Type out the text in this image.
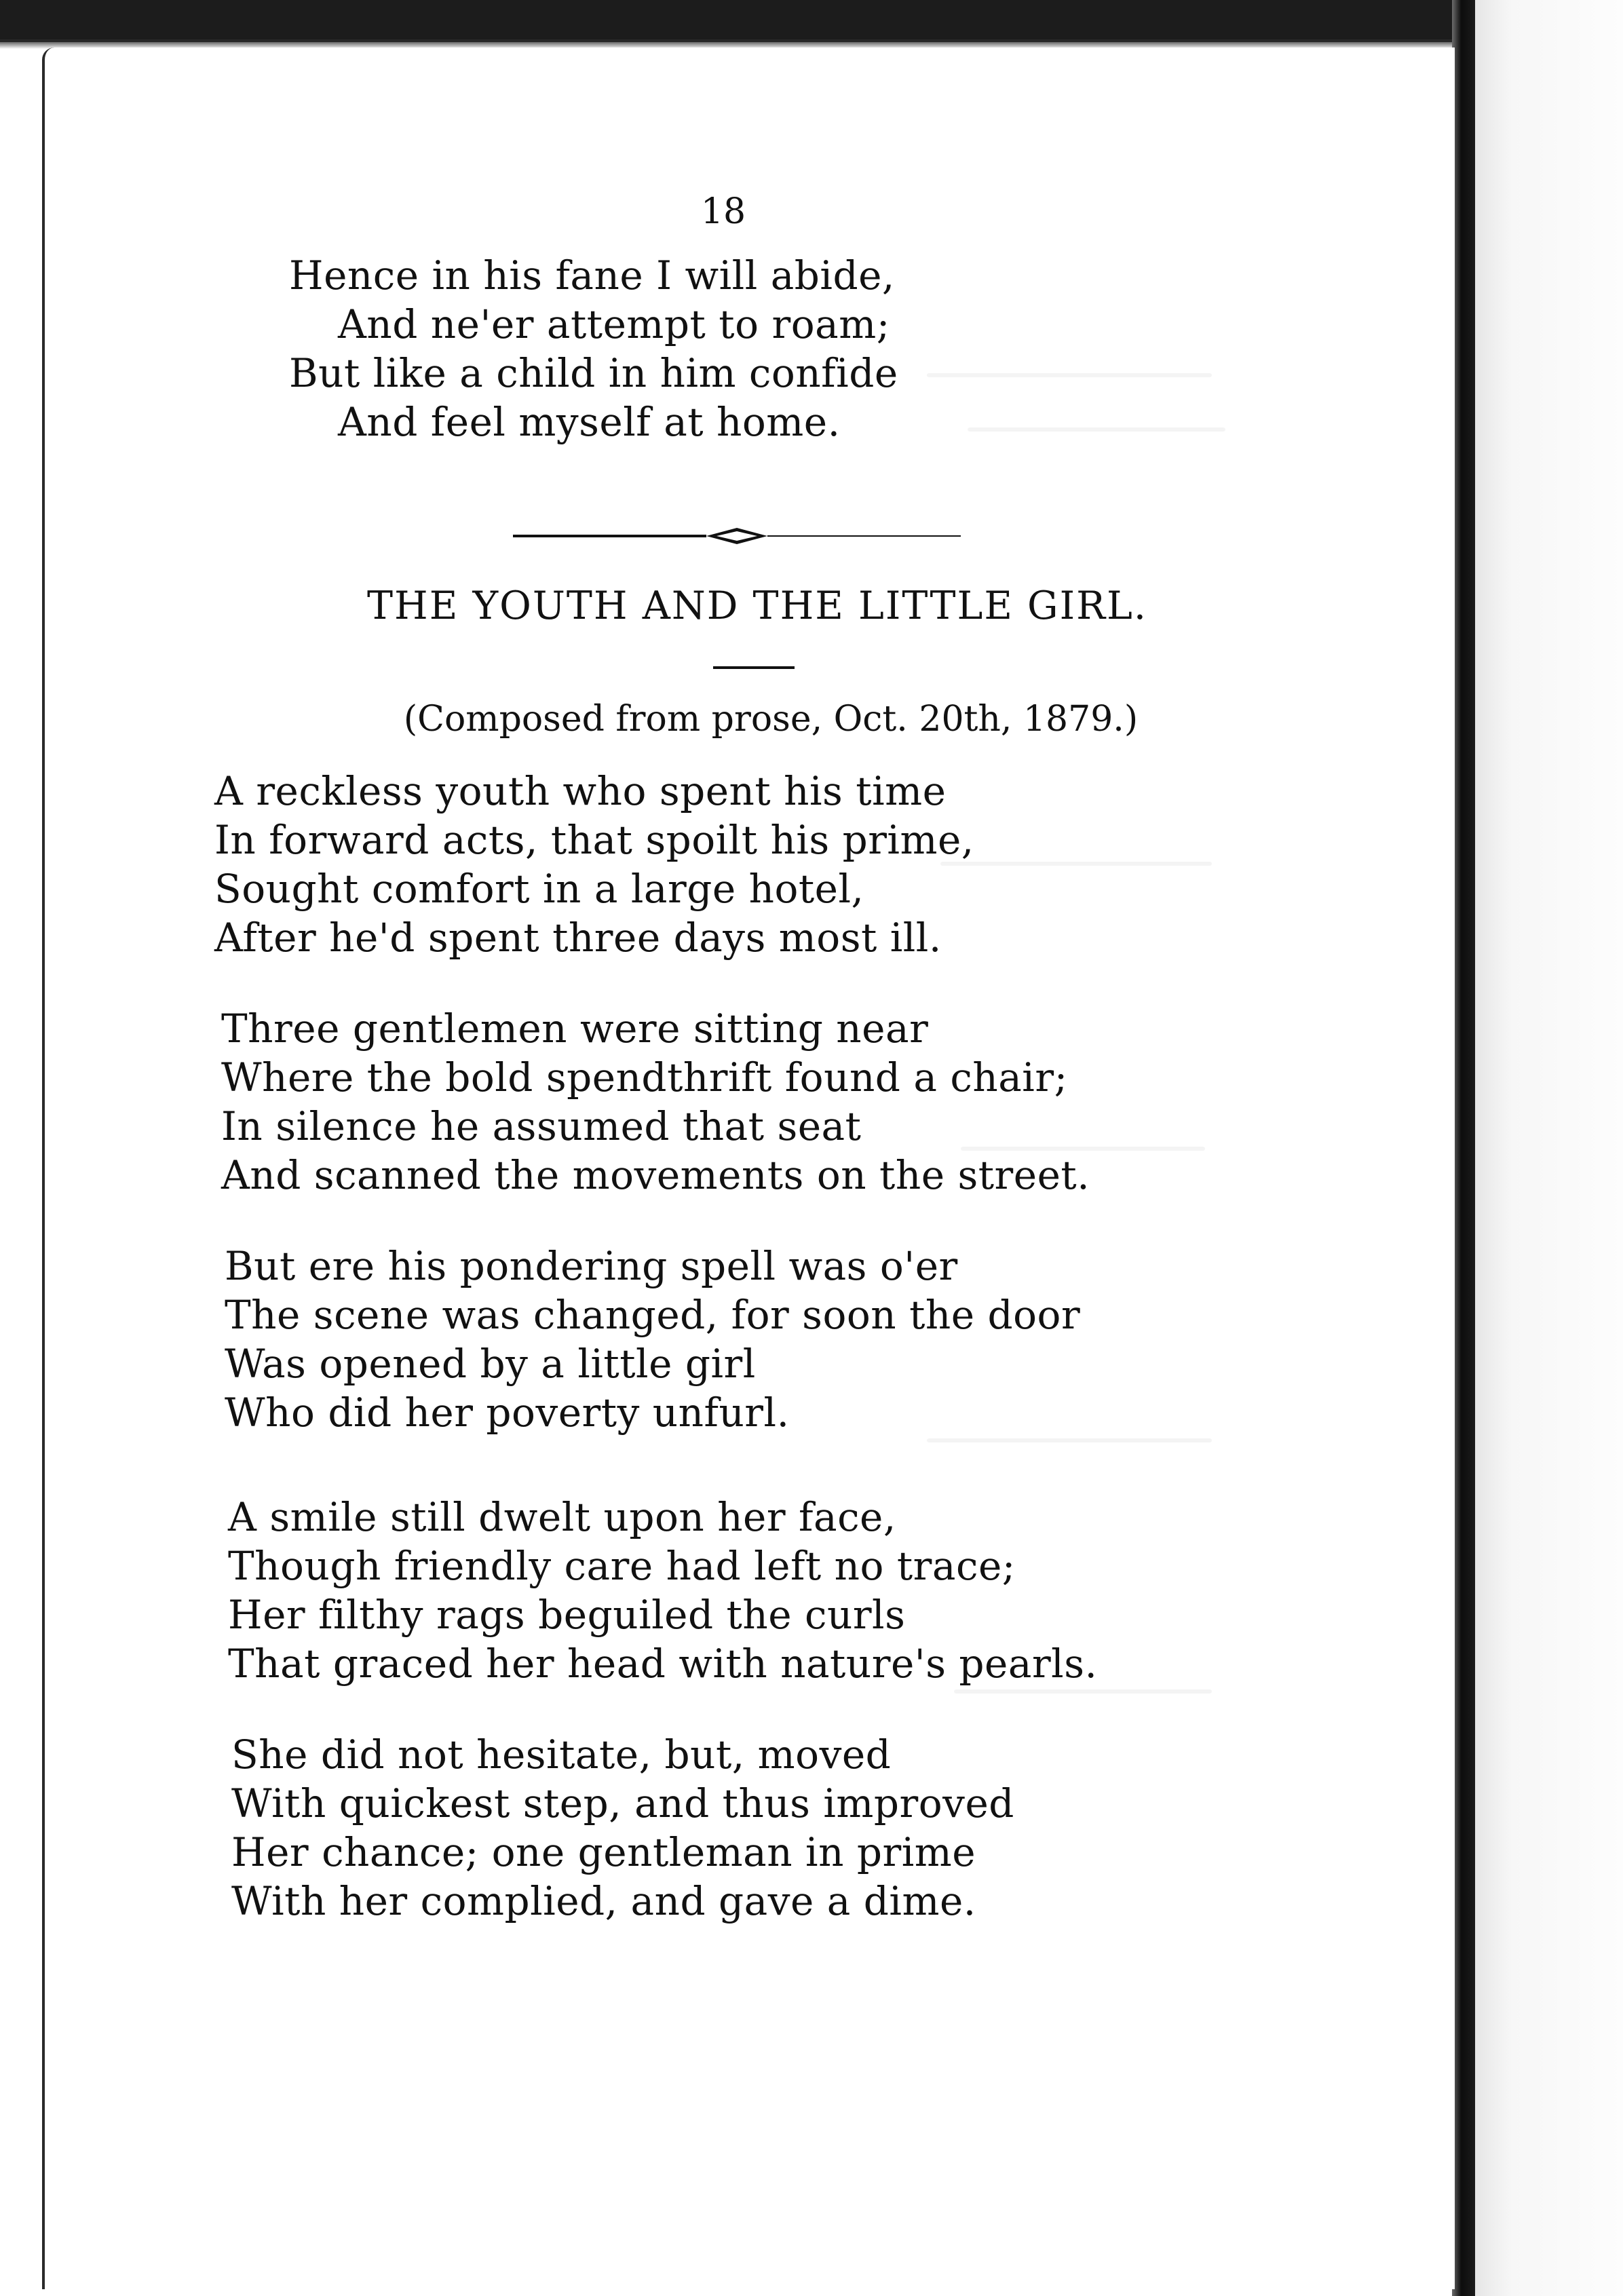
18
Hence in his fane I will abide,
And ne'er attempt to roam;
But like a child in him confide
And feel myself at home.
THE YOUTH AND THE LITTLE GIRL.
(Composed from prose, Oct. 20th, 1879.)
A reckless youth who spent his time
In forward acts, that spoilt his prime,
Sought comfort in a large hotel,
After he'd spent three days most ill.
Three gentlemen were sitting near
Where the bold spendthrift found a chair;
In silence he assumed that seat
And scanned the movements on the street.
But ere his pondering spell was o'er
The scene was changed, for soon the door
Was opened by a little girl
Who did her poverty unfurl.
A smile still dwelt upon her face,
Though friendly care had left no trace;
Her filthy rags beguiled the curls
That graced her head with nature's pearls.
She did not hesitate, but, moved
With quickest step, and thus improved
Her chance; one gentleman in prime
With her complied, and gave a dime.
